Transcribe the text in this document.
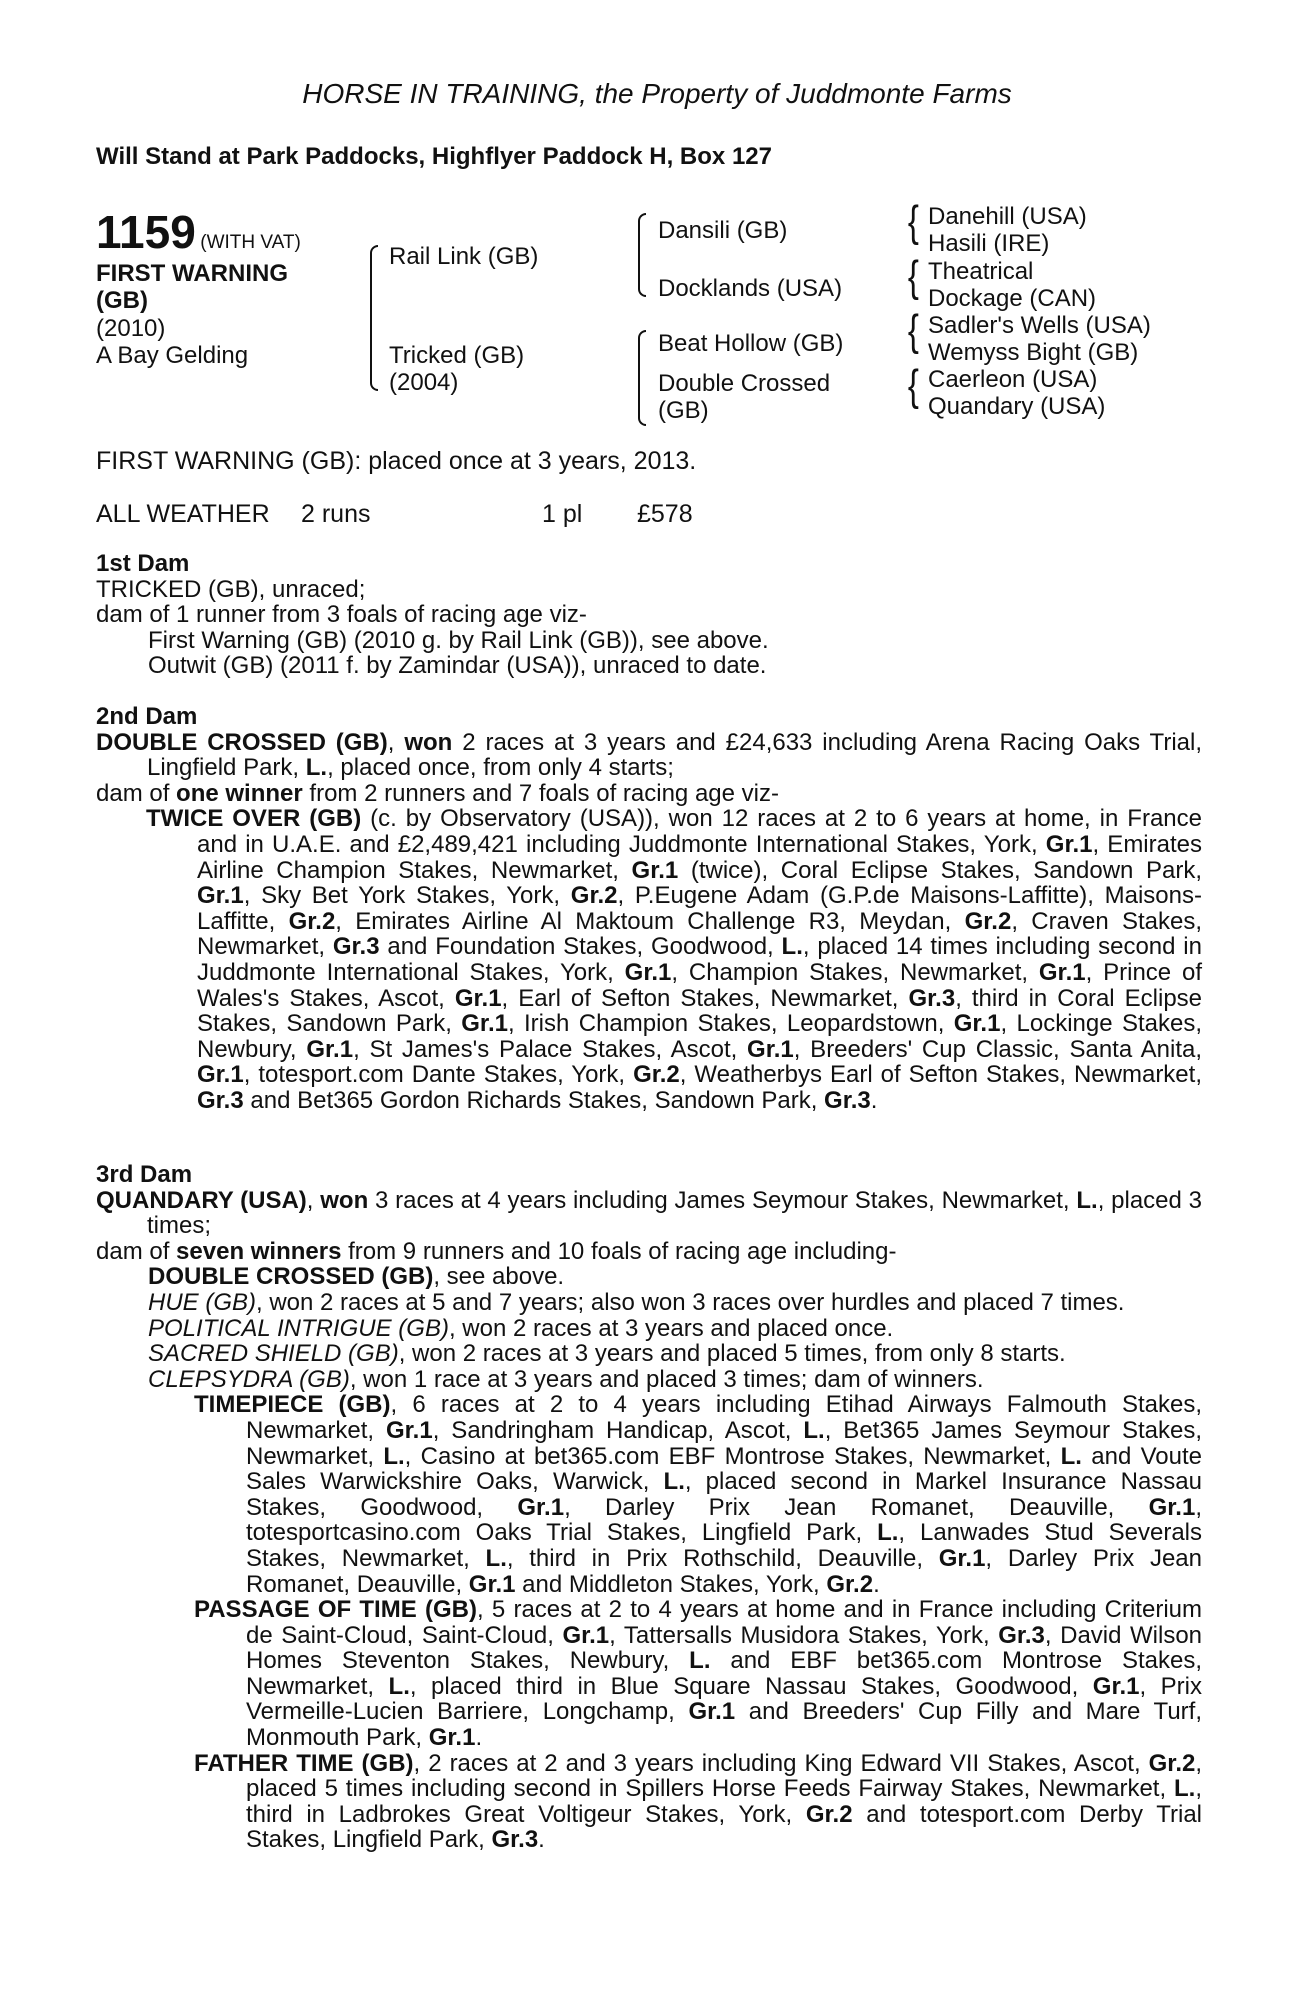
HORSE IN TRAINING, the Property of Juddmonte Farms
Will Stand at Park Paddocks, Highflyer Paddock H, Box 127
1159 (WITH VAT)
FIRST WARNING
(GB)
(2010)
A Bay Gelding
Rail Link (GB)
Tricked (GB)
(2004)
Dansili (GB)
Docklands (USA)
Beat Hollow (GB)
Double Crossed
(GB)
{
{
{
{
Danehill (USA)
Hasili (IRE)
Theatrical
Dockage (CAN)
Sadler's Wells (USA)
Wemyss Bight (GB)
Caerleon (USA)
Quandary (USA)
FIRST WARNING (GB): placed once at 3 years, 2013.
ALL WEATHER 2 runs	1 pl £578
1st Dam

TRICKED (GB), unraced;

dam of 1 runner from 3 foals of racing age viz-

First Warning (GB) (2010 g. by Rail Link (GB)), see above.

Outwit (GB) (2011 f. by Zamindar (USA)), unraced to date.

2nd Dam

DOUBLE CROSSED (GB), won 2 races at 3 years and £24,633 including Arena Racing Oaks Trial, Lingfield Park, L., placed once, from only 4 starts;

dam of one winner from 2 runners and 7 foals of racing age viz-

TWICE OVER (GB) (c. by Observatory (USA)), won 12 races at 2 to 6 years at home, in France and in U.A.E. and £2,489,421 including Juddmonte International Stakes, York, Gr.1, Emirates Airline Champion Stakes, Newmarket, Gr.1 (twice), Coral Eclipse Stakes, Sandown Park, Gr.1, Sky Bet York Stakes, York, Gr.2, P.Eugene Adam (G.P.de Maisons-Laffitte), Maisons-Laffitte, Gr.2, Emirates Airline Al Maktoum Challenge R3, Meydan, Gr.2, Craven Stakes, Newmarket, Gr.3 and Foundation Stakes, Goodwood, L., placed 14 times including second in Juddmonte International Stakes, York, Gr.1, Champion Stakes, Newmarket, Gr.1, Prince of Wales's Stakes, Ascot, Gr.1, Earl of Sefton Stakes, Newmarket, Gr.3, third in Coral Eclipse Stakes, Sandown Park, Gr.1, Irish Champion Stakes, Leopardstown, Gr.1, Lockinge Stakes, Newbury, Gr.1, St James's Palace Stakes, Ascot, Gr.1, Breeders' Cup Classic, Santa Anita, Gr.1, totesport.com Dante Stakes, York, Gr.2, Weatherbys Earl of Sefton Stakes, Newmarket, Gr.3 and Bet365 Gordon Richards Stakes, Sandown Park, Gr.3.

3rd Dam

QUANDARY (USA), won 3 races at 4 years including James Seymour Stakes, Newmarket, L., placed 3 times;

dam of seven winners from 9 runners and 10 foals of racing age including-

DOUBLE CROSSED (GB), see above.

HUE (GB), won 2 races at 5 and 7 years; also won 3 races over hurdles and placed 7 times.

POLITICAL INTRIGUE (GB), won 2 races at 3 years and placed once.

SACRED SHIELD (GB), won 2 races at 3 years and placed 5 times, from only 8 starts.

CLEPSYDRA (GB), won 1 race at 3 years and placed 3 times; dam of winners.

TIMEPIECE (GB), 6 races at 2 to 4 years including Etihad Airways Falmouth Stakes, Newmarket, Gr.1, Sandringham Handicap, Ascot, L., Bet365 James Seymour Stakes, Newmarket, L., Casino at bet365.com EBF Montrose Stakes, Newmarket, L. and Voute Sales Warwickshire Oaks, Warwick, L., placed second in Markel Insurance Nassau Stakes, Goodwood, Gr.1, Darley Prix Jean Romanet, Deauville, Gr.1, totesportcasino.com Oaks Trial Stakes, Lingfield Park, L., Lanwades Stud Severals Stakes, Newmarket, L., third in Prix Rothschild, Deauville, Gr.1, Darley Prix Jean Romanet, Deauville, Gr.1 and Middleton Stakes, York, Gr.2.

PASSAGE OF TIME (GB), 5 races at 2 to 4 years at home and in France including Criterium de Saint-Cloud, Saint-Cloud, Gr.1, Tattersalls Musidora Stakes, York, Gr.3, David Wilson Homes Steventon Stakes, Newbury, L. and EBF bet365.com Montrose Stakes, Newmarket, L., placed third in Blue Square Nassau Stakes, Goodwood, Gr.1, Prix Vermeille-Lucien Barriere, Longchamp, Gr.1 and Breeders' Cup Filly and Mare Turf, Monmouth Park, Gr.1.

FATHER TIME (GB), 2 races at 2 and 3 years including King Edward VII Stakes, Ascot, Gr.2, placed 5 times including second in Spillers Horse Feeds Fairway Stakes, Newmarket, L., third in Ladbrokes Great Voltigeur Stakes, York, Gr.2 and totesport.com Derby Trial Stakes, Lingfield Park, Gr.3.
